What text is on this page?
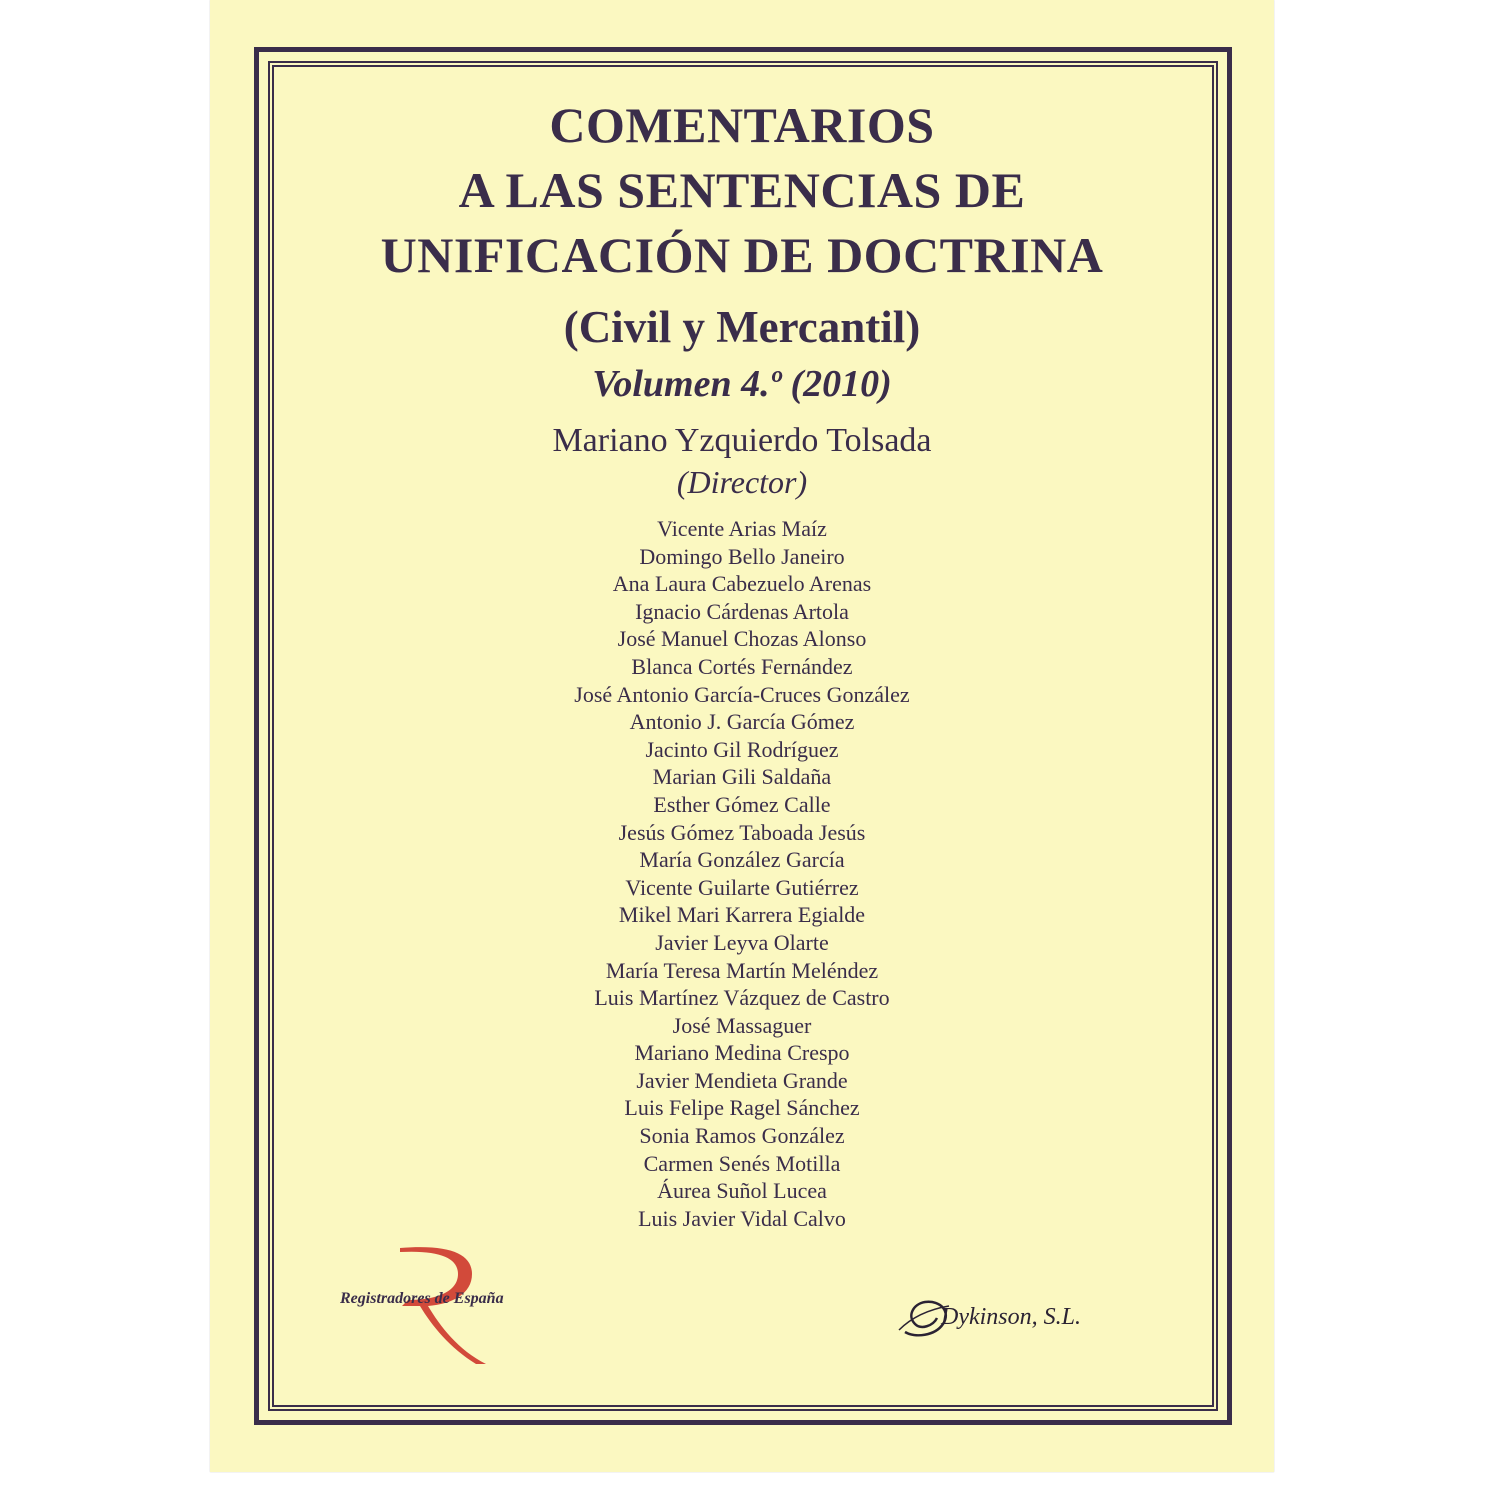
COMENTARIOS
A LAS SENTENCIAS DE
UNIFICACIÓN DE DOCTRINA
(Civil y Mercantil)
Volumen 4.º (2010)
Mariano Yzquierdo Tolsada
(Director)
Vicente Arias Maíz
Domingo Bello Janeiro
Ana Laura Cabezuelo Arenas
Ignacio Cárdenas Artola
José Manuel Chozas Alonso
Blanca Cortés Fernández
José Antonio García-Cruces González
Antonio J. García Gómez
Jacinto Gil Rodríguez
Marian Gili Saldaña
Esther Gómez Calle
Jesús Gómez Taboada Jesús
María González García
Vicente Guilarte Gutiérrez
Mikel Mari Karrera Egialde
Javier Leyva Olarte
María Teresa Martín Meléndez
Luis Martínez Vázquez de Castro
José Massaguer
Mariano Medina Crespo
Javier Mendieta Grande
Luis Felipe Ragel Sánchez
Sonia Ramos González
Carmen Senés Motilla
Áurea Suñol Lucea
Luis Javier Vidal Calvo
Registradores de España
Dykinson, S.L.
